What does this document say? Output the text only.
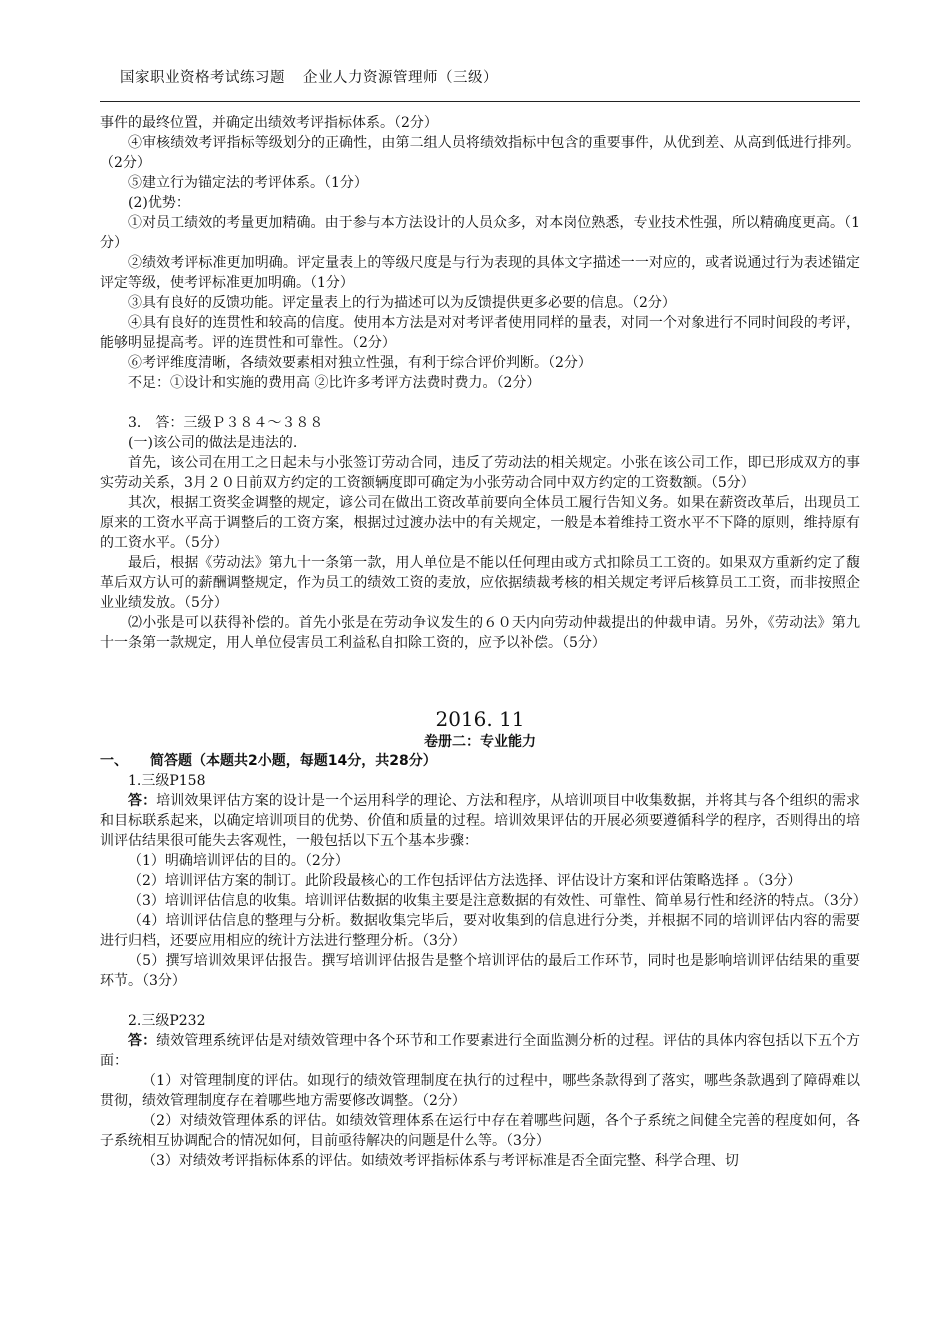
国家职业资格考试练习题 企业人力资源管理师（三级）

事件的最终位置，并确定出绩效考评指标体系。（2分）

④审核绩效考评指标等级划分的正确性，由第二组人员将绩效指标中包含的重要事件，从优到差、从高到低进行排列。（2分）

⑤建立行为锚定法的考评体系。（1分）

(2)优势：

①对员工绩效的考量更加精确。由于参与本方法设计的人员众多，对本岗位熟悉，专业技术性强，所以精确度更高。（1分）

②绩效考评标准更加明确。评定量表上的等级尺度是与行为表现的具体文字描述一一对应的，或者说通过行为表述锚定评定等级，使考评标准更加明确。（1分）

③具有良好的反馈功能。评定量表上的行为描述可以为反馈提供更多必要的信息。（2分）

④具有良好的连贯性和较高的信度。使用本方法是对对考评者使用同样的量表，对同一个对象进行不同时间段的考评，能够明显提高考。评的连贯性和可靠性。（2分）

⑥考评维度清晰，各绩效要素相对独立性强，有利于综合评价判断。（2分）

不足：①设计和实施的费用高 ②比许多考评方法费时费力。（2分）

3． 答：三级Ｐ３８４～３８８

(一)该公司的做法是违法的.

首先，该公司在用工之日起未与小张签订劳动合同，违反了劳动法的相关规定。小张在该公司工作，即已形成双方的事实劳动关系，3月２０日前双方约定的工资额辆度即可确定为小张劳动合同中双方约定的工资数额。（5分）

其次，根据工资奖金调整的规定，谚公司在做出工资改革前要向全体员工履行告知义务。如果在薪资改革后，出现员工原来的工资水平高于调整后的工资方案，根据过过渡办法中的有关规定，一般是本着维持工资水平不下降的原则，维持原有的工资水平。（5分）

最后，根据《劳动法》第九十一条第一款，用人单位是不能以任何理由或方式扣除员工工资的。如果双方重新约定了馥革后双方认可的薪酬调整规定，作为员工的绩效工资的麦放，应依据绩裁考核的相关规定考评后核算员工工资，而非按照企业业绩发放。（5分）

⑵小张是可以获得补偿的。首先小张是在劳动争议发生的６０天内向劳动仲裁提出的仲裁申请。另外，《劳动法》第九十一条第一款规定，用人单位侵害员工利益私自扣除工资的，应予以补偿。（5分）

2016. 11
卷册二：专业能力
一、 简答题（本题共2小题，每题14分，共28分）

1.三级P158

答：培训效果评估方案的设计是一个运用科学的理论、方法和程序，从培训项目中收集数据，并将其与各个组织的需求和目标联系起来，以确定培训项目的优势、价值和质量的过程。培训效果评估的开展必须要遵循科学的程序，否则得出的培训评估结果很可能失去客观性，一般包括以下五个基本步骤：

（1）明确培训评估的目的。（2分）

（2）培训评估方案的制订。此阶段最核心的工作包括评估方法选择、评估设计方案和评估策略选择 。（3分）

（3）培训评估信息的收集。培训评估数据的收集主要是注意数据的有效性、可靠性、简单易行性和经济的特点。（3分）

（4）培训评估信息的整理与分析。数据收集完毕后，要对收集到的信息进行分类，并根据不同的培训评估内容的需要进行归档，还要应用相应的统计方法进行整理分析。（3分）

（5）撰写培训效果评估报告。撰写培训评估报告是整个培训评估的最后工作环节，同时也是影响培训评估结果的重要环节。（3分）

2.三级P232

答：绩效管理系统评估是对绩效管理中各个环节和工作要素进行全面监测分析的过程。评估的具体内容包括以下五个方面：

（1）对管理制度的评估。如现行的绩效管理制度在执行的过程中，哪些条款得到了落实，哪些条款遇到了障碍难以贯彻，绩效管理制度存在着哪些地方需要修改调整。（2分）

（2）对绩效管理体系的评估。如绩效管理体系在运行中存在着哪些问题，各个子系统之间健全完善的程度如何，各子系统相互协调配合的情况如何，目前亟待解决的问题是什么等。（3分）

（3）对绩效考评指标体系的评估。如绩效考评指标体系与考评标准是否全面完整、科学合理、切
